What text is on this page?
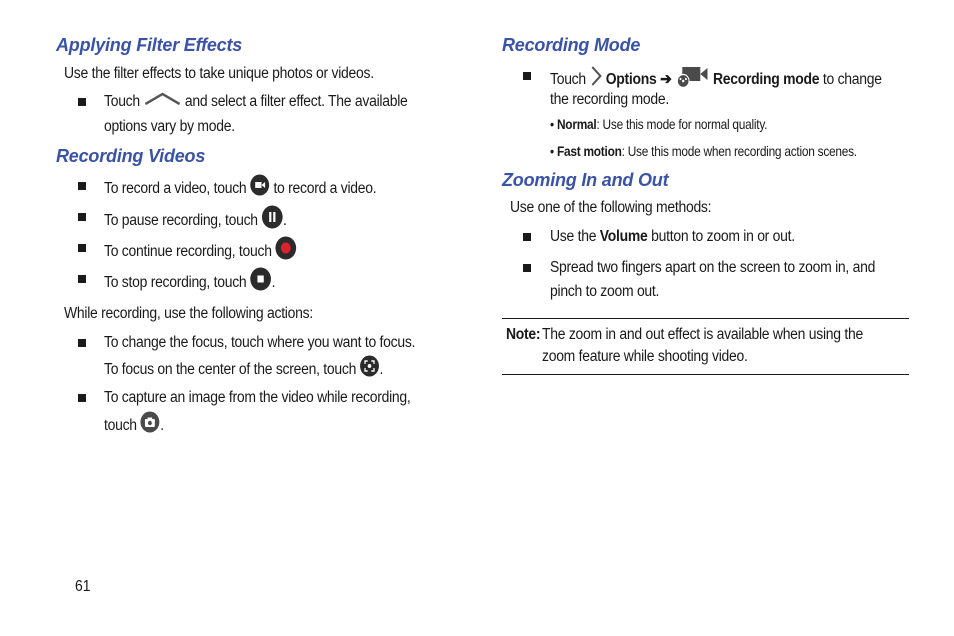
Applying Filter Effects

Use the filter effects to take unique photos or videos.

Touch	and select a filter effect. The available

options vary by mode.

Recording Videos

To record a video, touch to record a video.

To pause recording, touch .

To continue recording, touch

To stop recording, touch .

While recording, use the following actions:

To change the focus, touch where you want to focus.

To focus on the center of the screen, touch .

To capture an image from the video while recording,

touch .

Recording Mode

Touch Options ➔	Recording mode to change

the recording mode.

• Normal: Use this mode for normal quality.

• Fast motion: Use this mode when recording action scenes.

Zooming In and Out

Use one of the following methods:

Use the Volume button to zoom in or out.

Spread two fingers apart on the screen to zoom in, and

pinch to zoom out.

Note: The zoom in and out effect is available when using the

zoom feature while shooting video.

61
